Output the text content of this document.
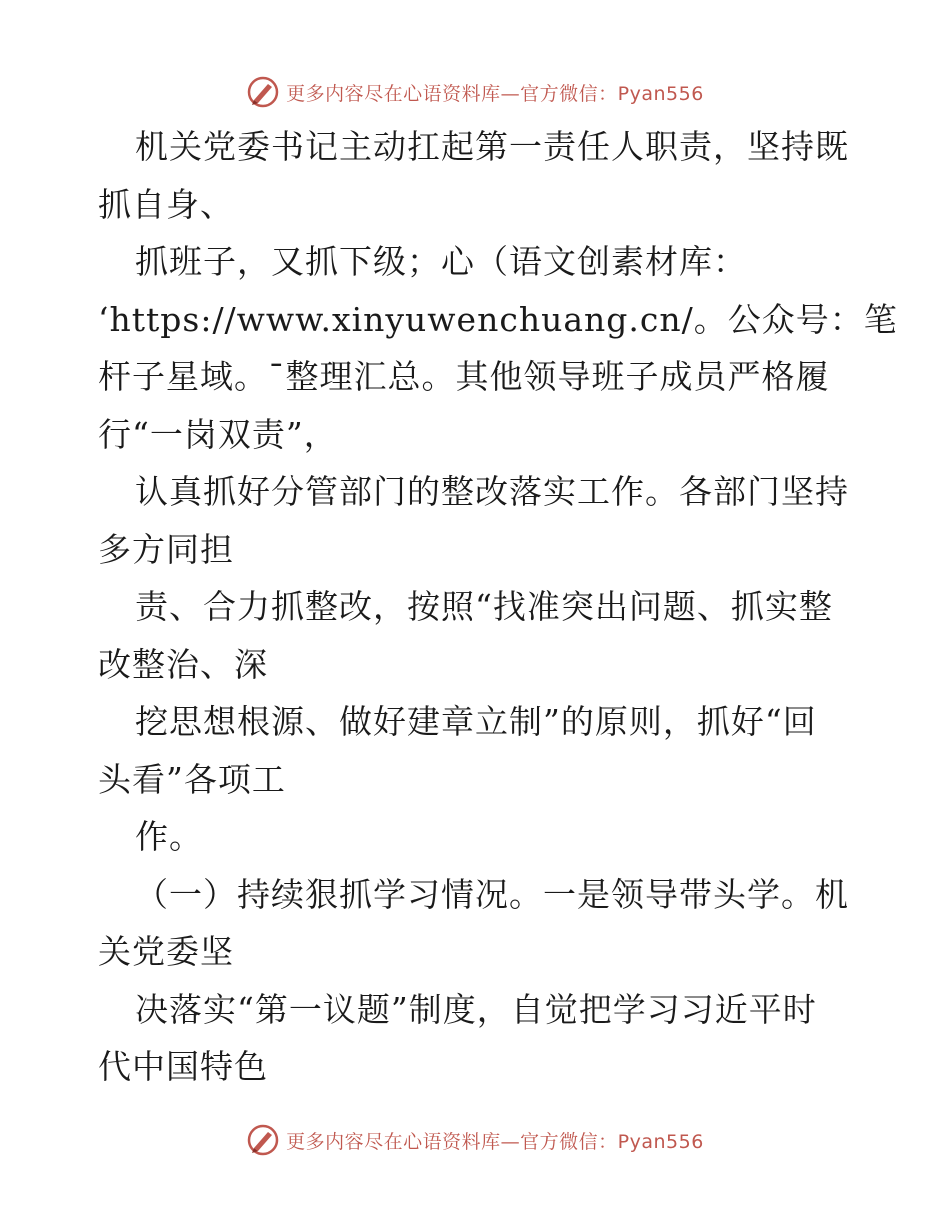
更多内容尽在心语资料库—官方微信：Pyan556
机关党委书记主动扛起第一责任人职责，坚持既
抓自身、
抓班子，又抓下级；心（语文创素材库：
‘https://www.xinyuwenchuang.cn/。公众号：笔
杆子星域。¯整理汇总。其他领导班子成员严格履
行“一岗双责”，
认真抓好分管部门的整改落实工作。各部门坚持
多方同担
责、合力抓整改，按照“找准突出问题、抓实整
改整治、深
挖思想根源、做好建章立制”的原则，抓好“回
头看”各项工
作。
（一）持续狠抓学习情况。一是领导带头学。机
关党委坚
决落实“第一议题”制度，自觉把学习习近平时
代中国特色
更多内容尽在心语资料库—官方微信：Pyan556
